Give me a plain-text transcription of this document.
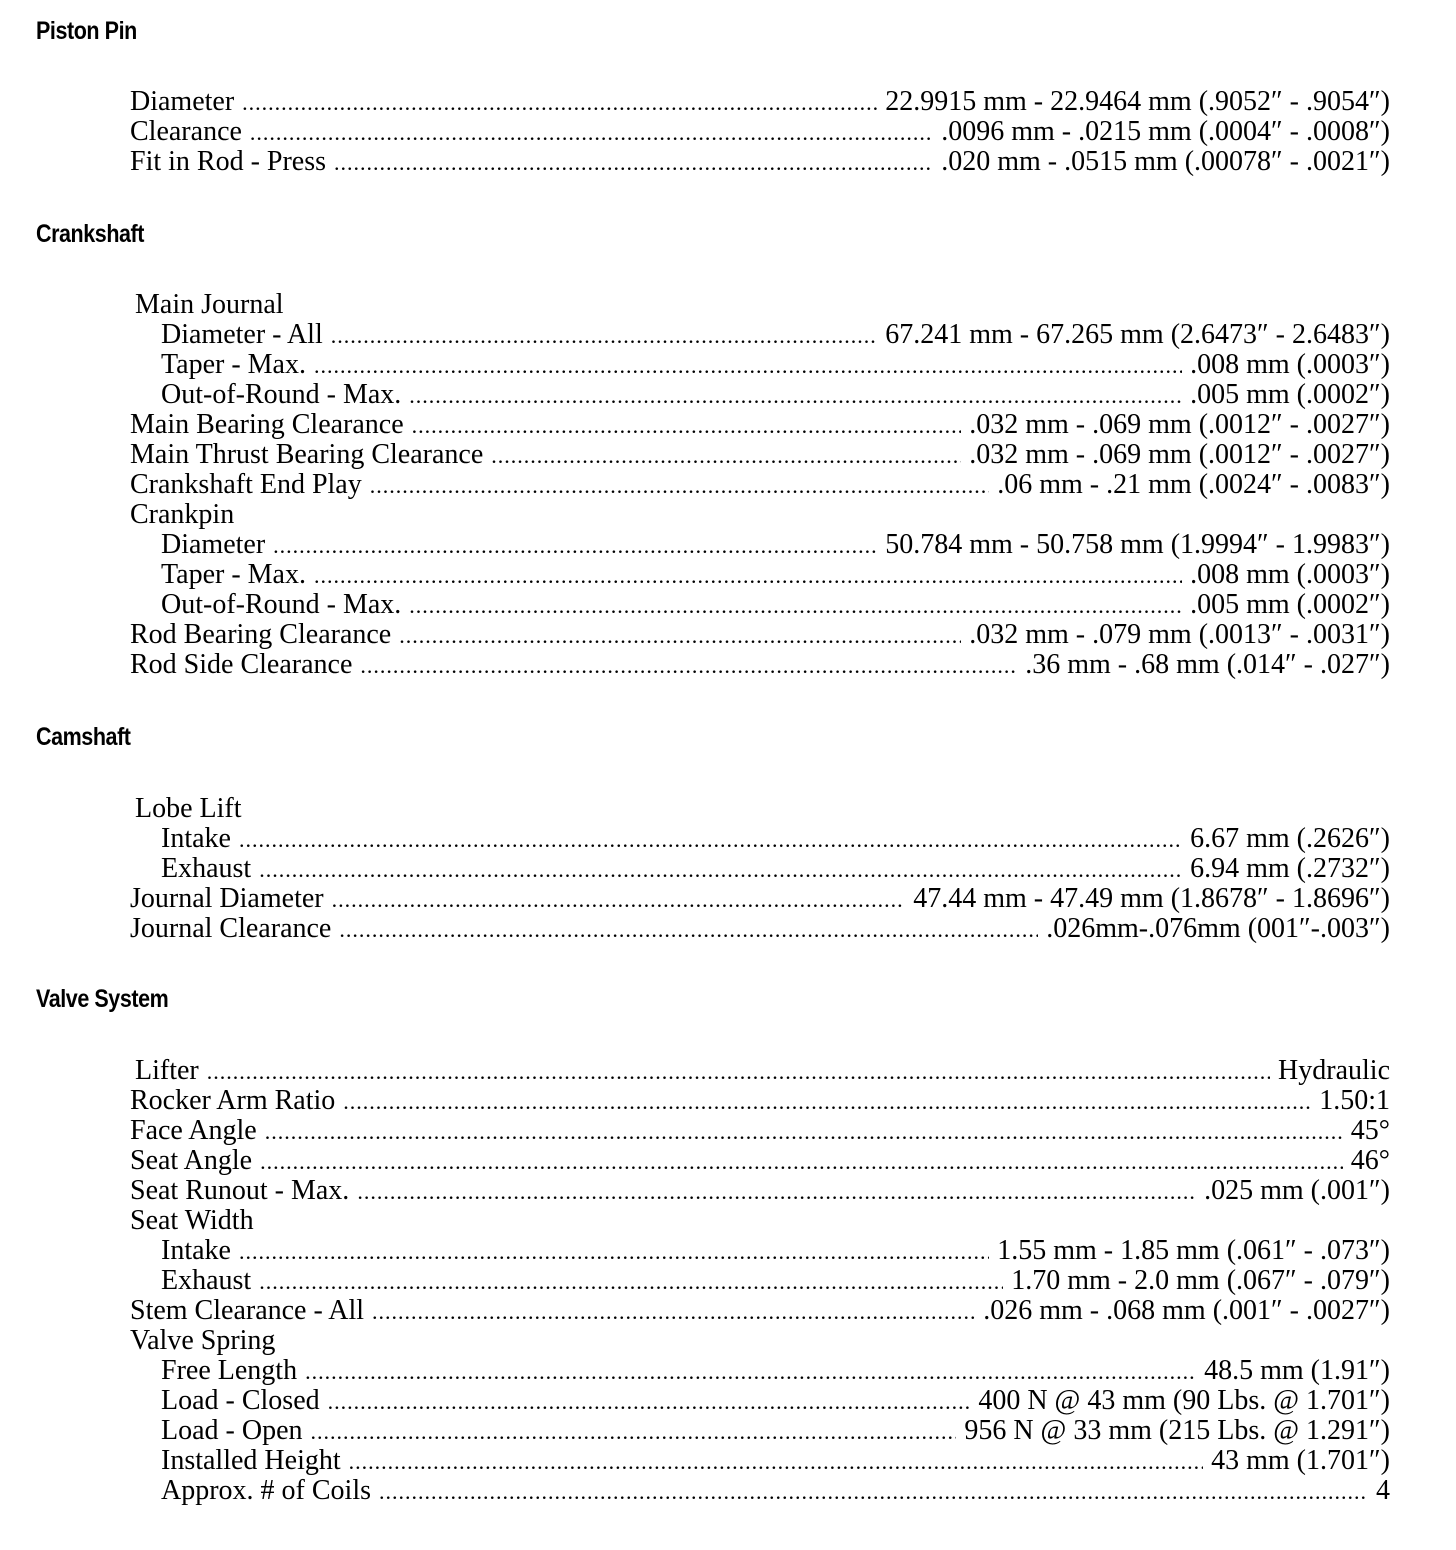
Piston Pin
Diameter .....	22.9915 mm - 22.9464 mm (.9052″ - .9054″)
Clearance .....	.0096 mm - .0215 mm (.0004″ - .0008″)
Fit in Rod - Press .....	.020 mm - .0515 mm (.00078″ - .0021″)
Crankshaft
Main Journal
Diameter - All .....	67.241 mm - 67.265 mm (2.6473″ - 2.6483″)
Taper - Max. .....	.008 mm (.0003″)
Out-of-Round - Max. .....	.005 mm (.0002″)
Main Bearing Clearance .....	.032 mm - .069 mm (.0012″ - .0027″)
Main Thrust Bearing Clearance .....	.032 mm - .069 mm (.0012″ - .0027″)
Crankshaft End Play .....	.06 mm - .21 mm (.0024″ - .0083″)
Crankpin
Diameter .....	50.784 mm - 50.758 mm (1.9994″ - 1.9983″)
Taper - Max. .....	.008 mm (.0003″)
Out-of-Round - Max. .....	.005 mm (.0002″)
Rod Bearing Clearance .....	.032 mm - .079 mm (.0013″ - .0031″)
Rod Side Clearance .....	.36 mm - .68 mm (.014″ - .027″)
Camshaft
Lobe Lift
Intake .....	6.67 mm (.2626″)
Exhaust .....	6.94 mm (.2732″)
Journal Diameter .....	47.44 mm - 47.49 mm (1.8678″ - 1.8696″)
Journal Clearance .....	.026mm-.076mm (001″-.003″)
Valve System
Lifter .....	Hydraulic
Rocker Arm Ratio .....	1.50:1
Face Angle .....	45°
Seat Angle .....	46°
Seat Runout - Max. .....	.025 mm (.001″)
Seat Width
Intake .....	1.55 mm - 1.85 mm (.061″ - .073″)
Exhaust .....	1.70 mm - 2.0 mm (.067″ - .079″)
Stem Clearance - All .....	.026 mm - .068 mm (.001″ - .0027″)
Valve Spring
Free Length .....	48.5 mm (1.91″)
Load - Closed .....	400 N @ 43 mm (90 Lbs. @ 1.701″)
Load - Open .....	956 N @ 33 mm (215 Lbs. @ 1.291″)
Installed Height .....	43 mm (1.701″)
Approx. # of Coils .....	4
